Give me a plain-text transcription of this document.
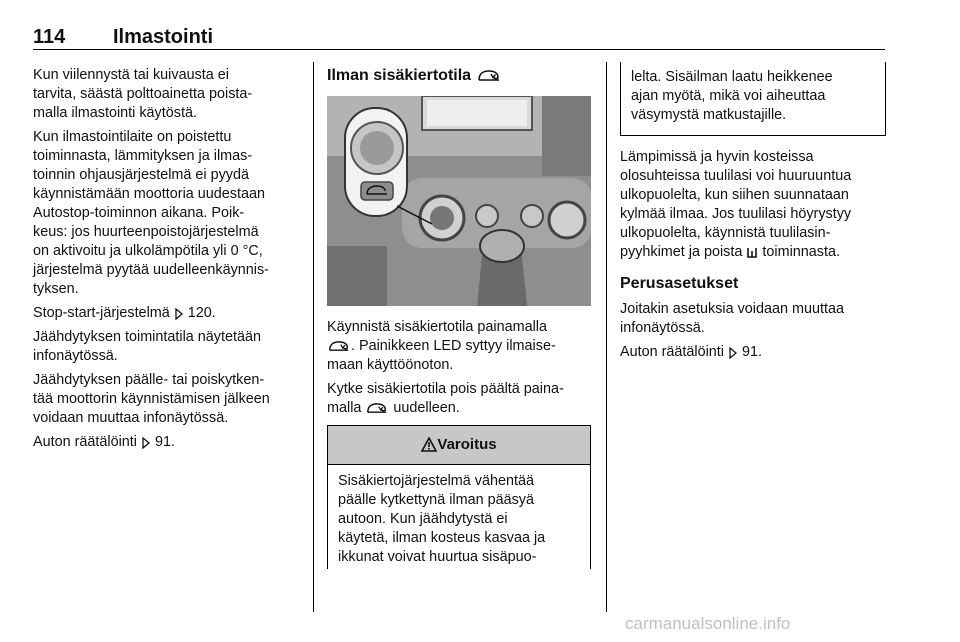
114 Ilmastointi

Kun viilennystä tai kuivausta ei
tarvita, säästä polttoainetta poista-
malla ilmastointi käytöstä.

Kun ilmastointilaite on poistettu
toiminnasta, lämmityksen ja ilmas-
toinnin ohjausjärjestelmä ei pyydä
käynnistämään moottoria uudestaan
Autostop-toiminnon aikana. Poik-
keus: jos huurteenpoistojärjestelmä
on aktivoitu ja ulkolämpötila yli 0 °C,
järjestelmä pyytää uudelleenkäynnis-
tyksen.

Stop-start-järjestelmä 120.

Jäähdytyksen toimintatila näytetään
infonäytössä.

Jäähdytyksen päälle- tai poiskytken-
tää moottorin käynnistämisen jälkeen
voidaan muuttaa infonäytössä.

Auton räätälöinti 91.

Ilman sisäkiertotila

Käynnistä sisäkiertotila painamalla
. Painikkeen LED syttyy ilmaise-
maan käyttöönoton.

Kytke sisäkiertotila pois päältä paina-
malla uudelleen.

Varoitus
Sisäkiertojärjestelmä vähentää
päälle kytkettynä ilman pääsyä
autoon. Kun jäähdytystä ei
käytetä, ilman kosteus kasvaa ja
ikkunat voivat huurtua sisäpuo-
lelta. Sisäilman laatu heikkenee
ajan myötä, mikä voi aiheuttaa
väsymystä matkustajille.

Lämpimissä ja hyvin kosteissa
olosuhteissa tuulilasi voi huuruuntua
ulkopuolelta, kun siihen suunnataan
kylmää ilmaa. Jos tuulilasi höyrystyy
ulkopuolelta, käynnistä tuulilasin-
pyyhkimet ja poista toiminnasta.

Perusasetukset

Joitakin asetuksia voidaan muuttaa
infonäytössä.

Auton räätälöinti 91.

carmanualsonline.info
